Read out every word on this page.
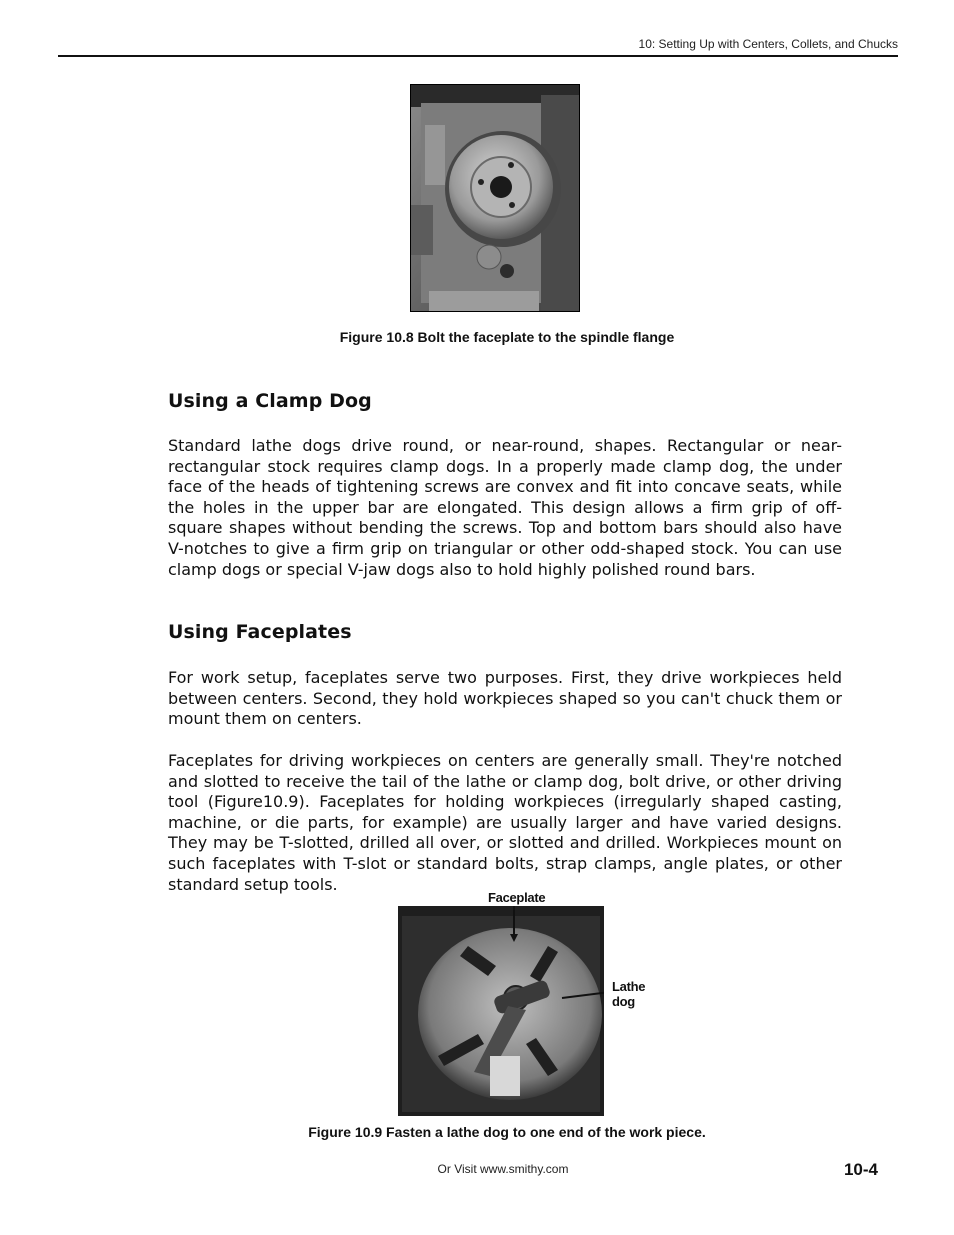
10: Setting Up with Centers, Collets, and Chucks
Figure 10.8 Bolt the faceplate to the spindle flange
Using a Clamp Dog

Standard lathe dogs drive round, or near-round, shapes. Rectangular or near-rectangular stock requires clamp dogs. In a properly made clamp dog, the under face of the heads of tightening screws are convex and fit into concave seats, while the holes in the upper bar are elongated. This design allows a firm grip of off-square shapes without bending the screws. Top and bottom bars should also have V-notches to give a firm grip on triangular or other odd-shaped stock. You can use clamp dogs or special V-jaw dogs also to hold highly polished round bars.

Using Faceplates

For work setup, faceplates serve two purposes. First, they drive workpieces held between centers. Second, they hold workpieces shaped so you can't chuck them or mount them on centers.

Faceplates for driving workpieces on centers are generally small. They're notched and slotted to receive the tail of the lathe or clamp dog, bolt drive, or other driving tool (Figure10.9). Faceplates for holding workpieces (irregularly shaped casting, machine, or die parts, for example) are usually larger and have varied designs. They may be T-slotted, drilled all over, or slotted and drilled. Workpieces mount on such faceplates with T-slot or standard bolts, strap clamps, angle plates, or other standard setup tools.

Faceplate
Lathe
dog
Figure 10.9 Fasten a lathe dog to one end of the work piece.
Or Visit www.smithy.com	10-4
